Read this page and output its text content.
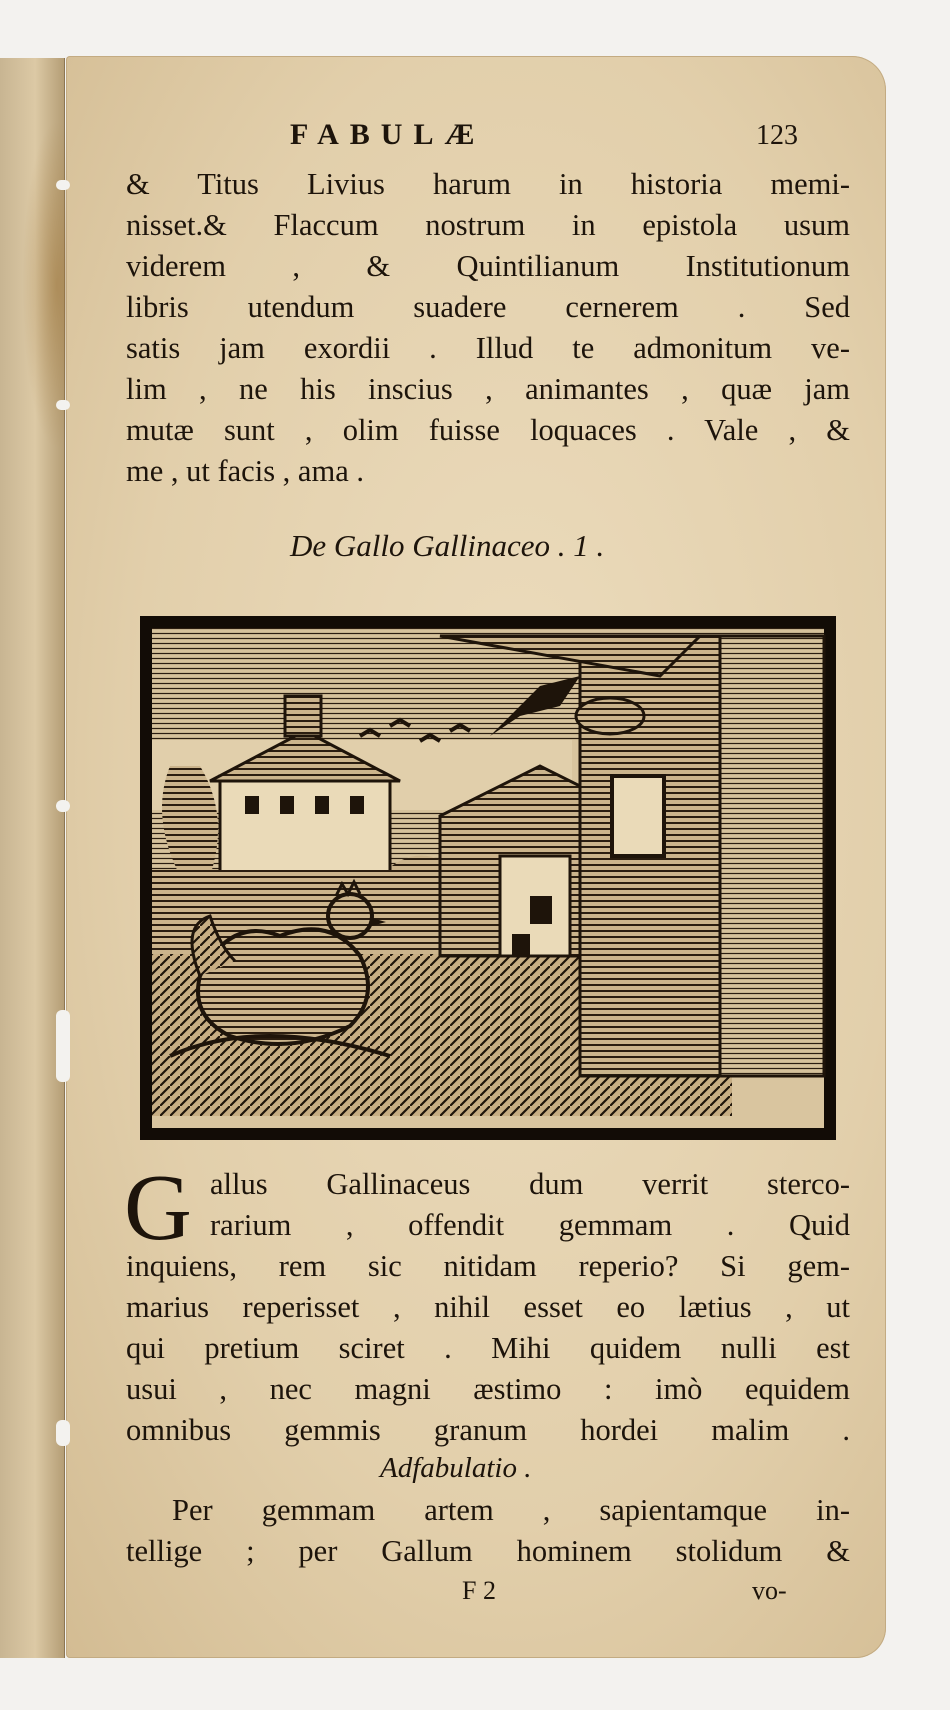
FABULÆ	123
& Titus Livius harum in historia memi-
nisset.& Flaccum nostrum in epistola usum
viderem , & Quintilianum Institutionum
libris utendum suadere cernerem . Sed
satis jam exordii . Illud te admonitum ve-
lim , ne his inscius , animantes , quæ jam
mutæ sunt , olim fuisse loquaces . Vale , &
me , ut facis , ama .
De Gallo Gallinaceo . 1 .
G allus Gallinaceus dum verrit sterco-
rarium , offendit gemmam . Quid
inquiens, rem sic nitidam reperio? Si gem-
marius reperisset , nihil esset eo lætius , ut
qui pretium sciret . Mihi quidem nulli est
usui , nec magni æstimo : imò equidem
omnibus gemmis granum hordei malim .
Adfabulatio .
Per gemmam artem , sapientamque in-
tellige ; per Gallum hominem stolidum &
F 2	vo-
